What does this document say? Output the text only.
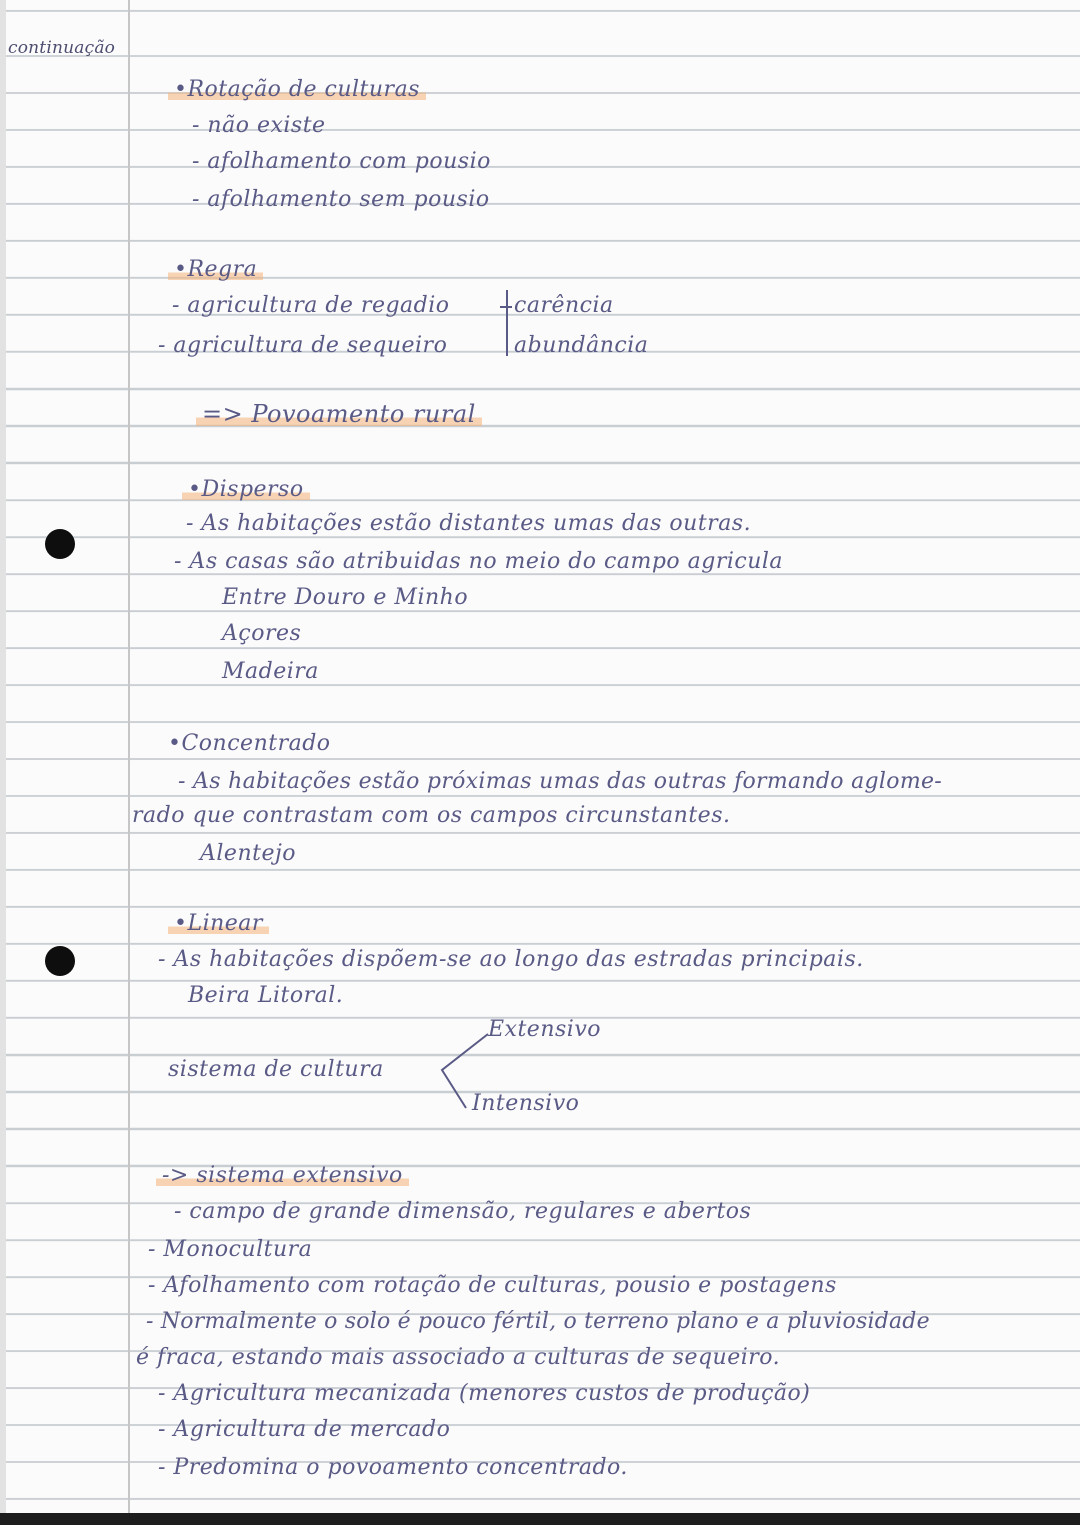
continuação
•Rotação de culturas
- não existe
- afolhamento com pousio
- afolhamento sem pousio
•Regra
- agricultura de regadio
- agricultura de sequeiro
carência
abundância
=> Povoamento rural
•Disperso
- As habitações estão distantes umas das outras.
- As casas são atribuidas no meio do campo agricula
Entre Douro e Minho
Açores
Madeira
•Concentrado
- As habitações estão próximas umas das outras formando aglome-
rado que contrastam com os campos circunstantes.
Alentejo
•Linear
- As habitações dispõem-se ao longo das estradas principais.
Beira Litoral.
Extensivo
sistema de cultura
Intensivo
-> sistema extensivo
- campo de grande dimensão, regulares e abertos
- Monocultura
- Afolhamento com rotação de culturas, pousio e postagens
- Normalmente o solo é pouco fértil, o terreno plano e a pluviosidade
é fraca, estando mais associado a culturas de sequeiro.
- Agricultura mecanizada (menores custos de produção)
- Agricultura de mercado
- Predomina o povoamento concentrado.
